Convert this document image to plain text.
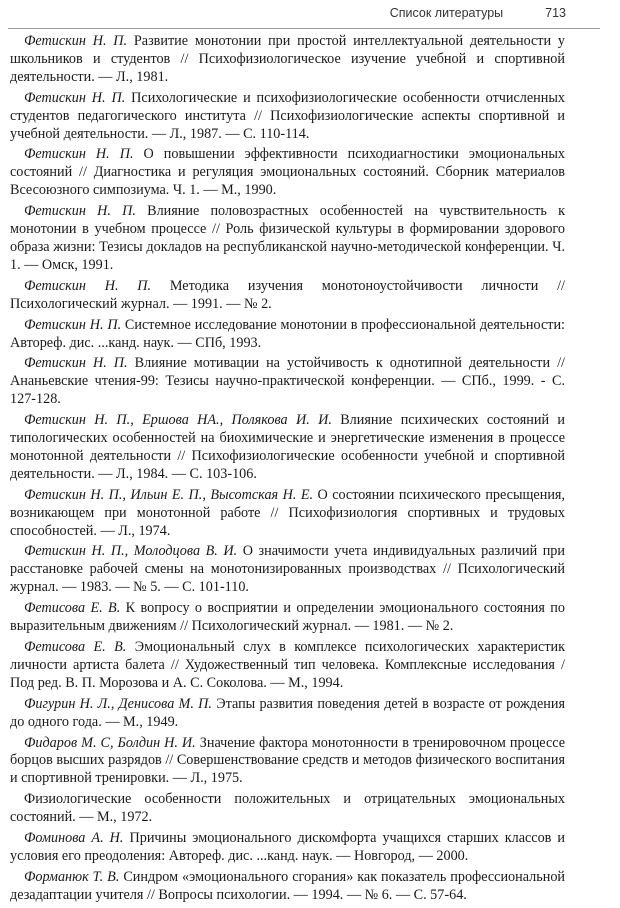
Список литературы	713

Фетискин Н. П. Развитие монотонии при простой интеллектуальной деятельности у школьников и студентов // Психофизиологическое изучение учебной и спортивной деятельности. — Л., 1981.

Фетискин Н. П. Психологические и психофизиологические особенности отчисленных студентов педагогического института // Психофизиологические аспекты спортивной и учебной деятельности. — Л., 1987. — С. 110-114.

Фетискин Н. П. О повышении эффективности психодиагностики эмоциональных состояний // Диагностика и регуляция эмоциональных состояний. Сборник материалов Всесоюзного симпозиума. Ч. 1. — М., 1990.

Фетискин Н. П. Влияние половозрастных особенностей на чувствительность к монотонии в учебном процессе // Роль физической культуры в формировании здорового образа жизни: Тезисы докладов на республиканской научно-методической конференции. Ч. 1. — Омск, 1991.

Фетискин Н. П. Методика изучения монотоноустойчивости личности // Психологический журнал. — 1991. — № 2.

Фетискин Н. П. Системное исследование монотонии в профессиональной деятельности: Автореф. дис. ...канд. наук. — СПб, 1993.

Фетискин Н. П. Влияние мотивации на устойчивость к однотипной деятельности // Ананьевские чтения-99: Тезисы научно-практической конференции. — СПб., 1999. - С. 127-128.

Фетискин Н. П., Ершова НА., Полякова И. И. Влияние психических состояний и типологических особенностей на биохимические и энергетические изменения в процессе монотонной деятельности // Психофизиологические особенности учебной и спортивной деятельности. — Л., 1984. — С. 103-106.

Фетискин Н. П., Ильин Е. П., Высотская Н. Е. О состоянии психического пресыщения, возникающем при монотонной работе // Психофизиология спортивных и трудовых способностей. — Л., 1974.

Фетискин Н. П., Молодцова В. И. О значимости учета индивидуальных различий при расстановке рабочей смены на монотонизированных производствах // Психологический журнал. — 1983. — № 5. — С. 101-110.

Фетисова Е. В. К вопросу о восприятии и определении эмоционального состояния по выразительным движениям // Психологический журнал. — 1981. — № 2.

Фетисова Е. В. Эмоциональный слух в комплексе психологических характеристик личности артиста балета // Художественный тип человека. Комплексные исследования / Под ред. В. П. Морозова и А. С. Соколова. — М., 1994.

Фигурин Н. Л., Денисова М. П. Этапы развития поведения детей в возрасте от рождения до одного года. — М., 1949.

Фидаров М. С, Болдин Н. И. Значение фактора монотонности в тренировочном процессе борцов высших разрядов // Совершенствование средств и методов физического воспитания и спортивной тренировки. — Л., 1975.

Физиологические особенности положительных и отрицательных эмоциональных состояний. — М., 1972.

Фоминова А. Н. Причины эмоционального дискомфорта учащихся старших классов и условия его преодоления: Автореф. дис. ...канд. наук. — Новгород, — 2000.

Форманюк Т. В. Синдром «эмоционального сгорания» как показатель профессиональной дезадаптации учителя // Вопросы психологии. — 1994. — № 6. — С. 57-64.
